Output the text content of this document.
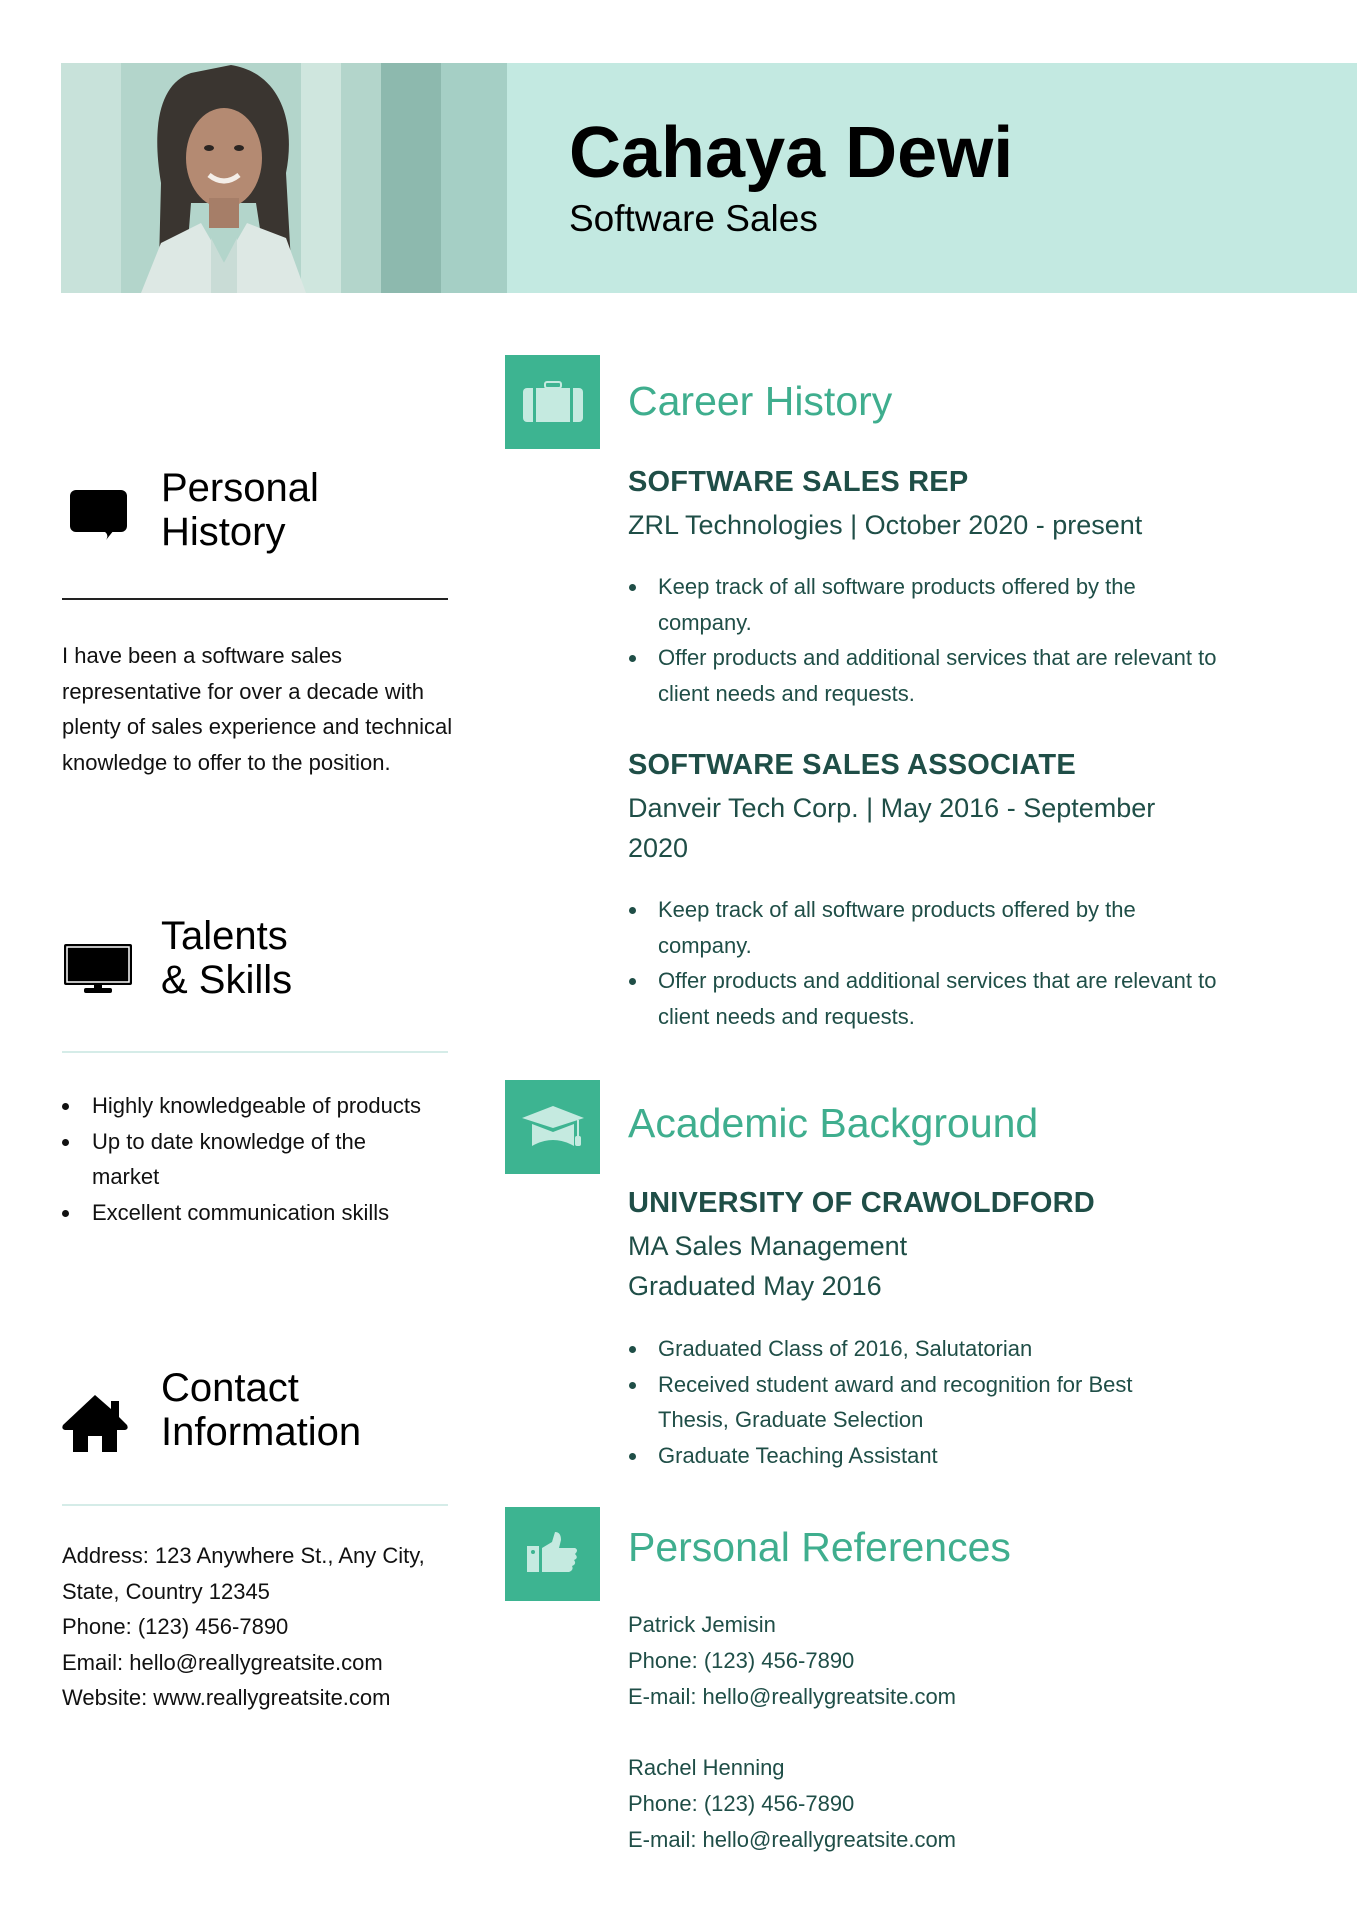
Cahaya Dewi
Software Sales
Personal
History
I have been a software sales representative for over a decade with plenty of sales experience and technical knowledge to offer to the position.
Talents
& Skills
Highly knowledgeable of products
Up to date knowledge of the market
Excellent communication skills
Contact
Information
Address: 123 Anywhere St., Any City, State, Country 12345
Phone: (123) 456-7890
Email: hello@reallygreatsite.com
Website: www.reallygreatsite.com
Career History
SOFTWARE SALES REP
ZRL Technologies | October 2020 - present
Keep track of all software products offered by the company.
Offer products and additional services that are relevant to client needs and requests.
SOFTWARE SALES ASSOCIATE
Danveir Tech Corp. | May 2016 - September 2020
Keep track of all software products offered by the company.
Offer products and additional services that are relevant to client needs and requests.
Academic Background
UNIVERSITY OF CRAWOLDFORD
MA Sales Management
Graduated May 2016
Graduated Class of 2016, Salutatorian
Received student award and recognition for Best Thesis, Graduate Selection
Graduate Teaching Assistant
Personal References
Patrick Jemisin
Phone: (123) 456-7890
E-mail: hello@reallygreatsite.com
Rachel Henning
Phone: (123) 456-7890
E-mail: hello@reallygreatsite.com
